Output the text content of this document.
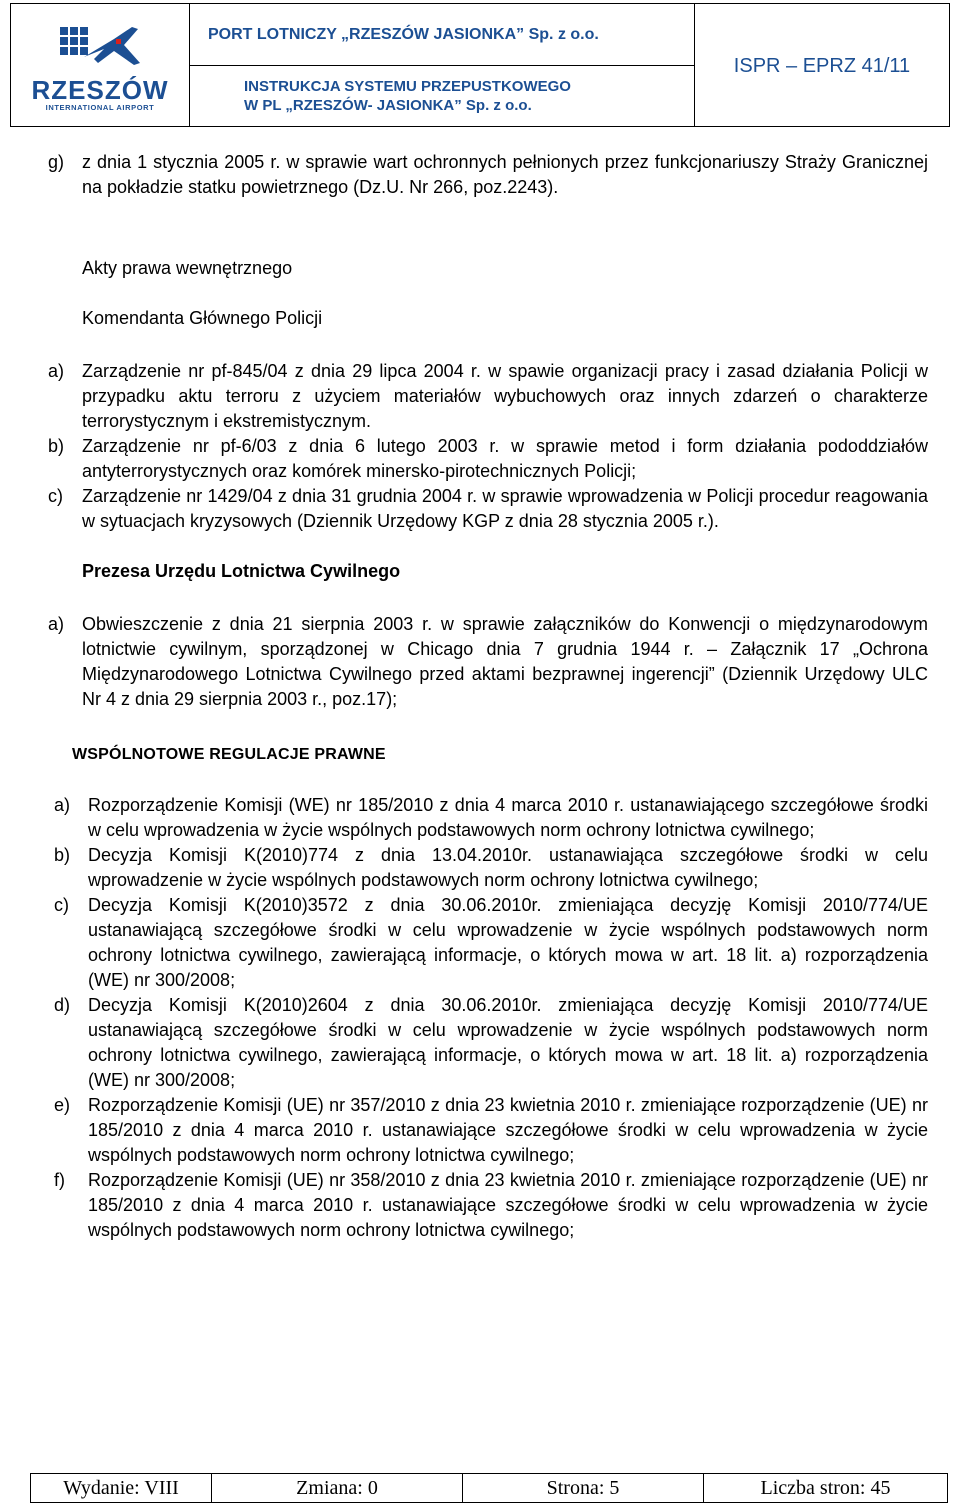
RZESZÓW
INTERNATIONAL AIRPORT
PORT LOTNICZY „RZESZÓW JASIONKA” Sp. z o.o.
INSTRUKCJA SYSTEMU PRZEPUSTKOWEGO
W PL „RZESZÓW- JASIONKA” Sp. z o.o.
ISPR – EPRZ 41/11
g) z dnia 1 stycznia 2005 r. w sprawie wart ochronnych pełnionych przez funkcjonariuszy Straży Granicznej na pokładzie statku powietrznego (Dz.U. Nr 266, poz.2243).
Akty prawa wewnętrznego
Komendanta Głównego Policji
a) Zarządzenie nr pf-845/04 z dnia 29 lipca 2004 r. w spawie organizacji pracy i zasad działania Policji w przypadku aktu terroru z użyciem materiałów wybuchowych oraz innych zdarzeń o charakterze terrorystycznym i ekstremistycznym.
b) Zarządzenie nr pf-6/03 z dnia 6 lutego 2003 r. w sprawie metod i form działania pododdziałów antyterrorystycznych oraz komórek minersko-pirotechnicznych Policji;
c)	Zarządzenie nr 1429/04 z dnia 31 grudnia 2004 r. w sprawie wprowadzenia w Policji procedur reagowania w sytuacjach kryzysowych (Dziennik Urzędowy KGP z dnia 28 stycznia 2005 r.).
Prezesa Urzędu Lotnictwa Cywilnego
a) Obwieszczenie z dnia 21 sierpnia 2003 r. w sprawie załączników do Konwencji o międzynarodowym lotnictwie cywilnym, sporządzonej w Chicago dnia 7 grudnia 1944 r. – Załącznik 17 „Ochrona Międzynarodowego Lotnictwa Cywilnego przed aktami bezprawnej ingerencji” (Dziennik Urzędowy ULC Nr 4 z dnia 29 sierpnia 2003 r., poz.17);
WSPÓLNOTOWE REGULACJE PRAWNE
a) Rozporządzenie Komisji (WE) nr 185/2010 z dnia 4 marca 2010 r. ustanawiającego szczegółowe środki w celu wprowadzenia w życie wspólnych podstawowych norm ochrony lotnictwa cywilnego;
b) Decyzja Komisji K(2010)774 z dnia 13.04.2010r. ustanawiająca szczegółowe środki w celu wprowadzenie w życie wspólnych podstawowych norm ochrony lotnictwa cywilnego;
c)	Decyzja Komisji K(2010)3572 z dnia 30.06.2010r. zmieniająca decyzję Komisji 2010/774/UE ustanawiającą szczegółowe środki w celu wprowadzenie w życie wspólnych podstawowych norm ochrony lotnictwa cywilnego, zawierającą informacje, o których mowa w art. 18 lit. a) rozporządzenia (WE) nr 300/2008;
d) Decyzja Komisji K(2010)2604 z dnia 30.06.2010r. zmieniająca decyzję Komisji 2010/774/UE ustanawiającą szczegółowe środki w celu wprowadzenie w życie wspólnych podstawowych norm ochrony lotnictwa cywilnego, zawierającą informacje, o których mowa w art. 18 lit. a) rozporządzenia (WE) nr 300/2008;
e) Rozporządzenie Komisji (UE) nr 357/2010 z dnia 23 kwietnia 2010 r. zmieniające rozporządzenie (UE) nr 185/2010 z dnia 4 marca 2010 r. ustanawiające szczegółowe środki w celu wprowadzenia w życie wspólnych podstawowych norm ochrony lotnictwa cywilnego;
f)	Rozporządzenie Komisji (UE) nr 358/2010 z dnia 23 kwietnia 2010 r. zmieniające rozporządzenie (UE) nr 185/2010 z dnia 4 marca 2010 r. ustanawiające szczegółowe środki w celu wprowadzenia w życie wspólnych podstawowych norm ochrony lotnictwa cywilnego;
Wydanie: VIII	Zmiana: 0	Strona: 5	Liczba stron: 45
